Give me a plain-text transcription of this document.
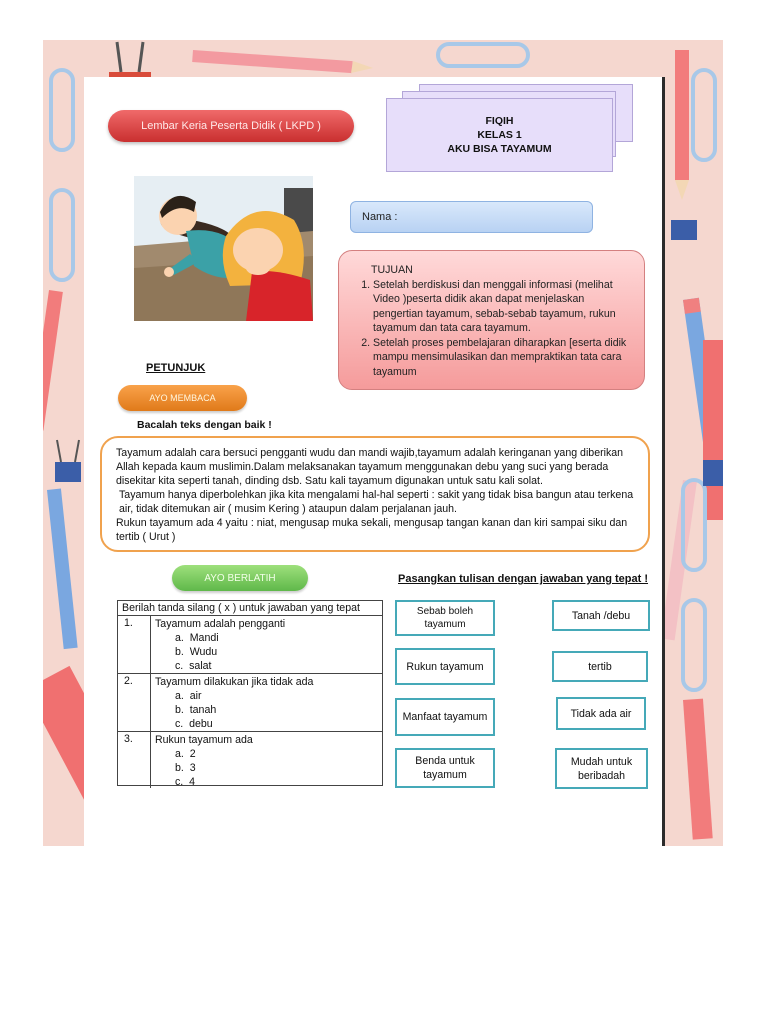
Lembar Keria Peserta Didik ( LKPD )	FIQIH
KELAS 1
AKU BISA TAYAMUM
Nama :
TUJUAN
1. Setelah berdiskusi dan menggali informasi (melihat Video )peserta didik akan dapat menjelaskan pengertian tayamum, sebab-sebab tayamum, rukun tayamum dan tata cara tayamum.
2. Setelah proses pembelajaran diharapkan [eserta didik mampu mensimulasikan dan mempraktikan tata cara tayamum
PETUNJUK
AYO MEMBACA
Bacalah teks dengan baik !

Tayamum adalah cara bersuci pengganti wudu dan mandi wajib,tayamum adalah keringanan yang diberikan Allah kepada kaum muslimin.Dalam melaksanakan tayamum menggunakan debu yang suci yang berada disekitar kita seperti tanah, dinding dsb. Satu kali tayamum digunakan untuk satu kali solat.

Tayamum hanya diperbolehkan jika kita mengalami hal-hal seperti : sakit yang tidak bisa bangun atau terkena air, tidak ditemukan air ( musim Kering ) ataupun dalam perjalanan jauh.

Rukun tayamum ada 4 yaitu : niat, mengusap muka sekali, mengusap tangan kanan dan kiri sampai siku dan tertib ( Urut )

AYO BERLATIH	Pasangkan tulisan dengan jawaban yang tepat !
Berilah tanda silang ( x ) untuk jawaban yang tepat
1.	Tayamum adalah pengganti
a.  Mandi
b.  Wudu
c.  salat
2.	Tayamum dilakukan jika tidak ada
a.  air
b.  tanah
c.  debu
3.	Rukun tayamum ada
a.  2
b.  3
c.  4
Sebab boleh tayamum
Rukun tayamum
Manfaat tayamum
Benda untuk tayamum
Tanah /debu
tertib
Tidak ada air
Mudah untuk beribadah
